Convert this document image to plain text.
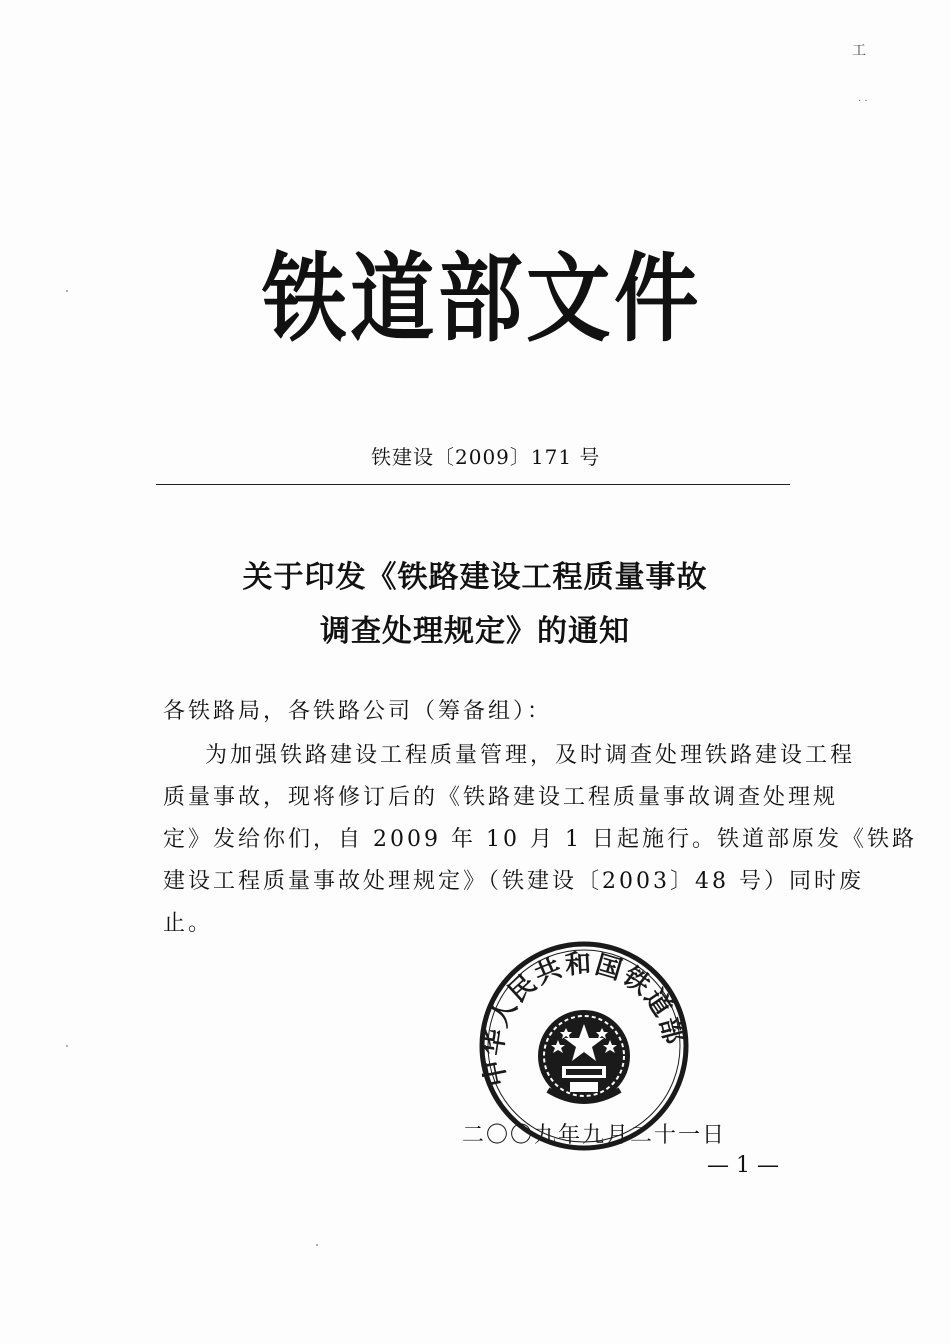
工
· ·
铁道部文件
铁建设〔2009〕171 号
关于印发《铁路建设工程质量事故
调查处理规定》的通知
各铁路局，各铁路公司（筹备组）：
为加强铁路建设工程质量管理，及时调查处理铁路建设工程
质量事故，现将修订后的《铁路建设工程质量事故调查处理规
定》发给你们，自 2009 年 10 月 1 日起施行。铁道部原发《铁路
建设工程质量事故处理规定》（铁建设〔2003〕48 号）同时废
止。
二〇〇九年九月二十一日
中华人民共和国铁道部
— 1 —
